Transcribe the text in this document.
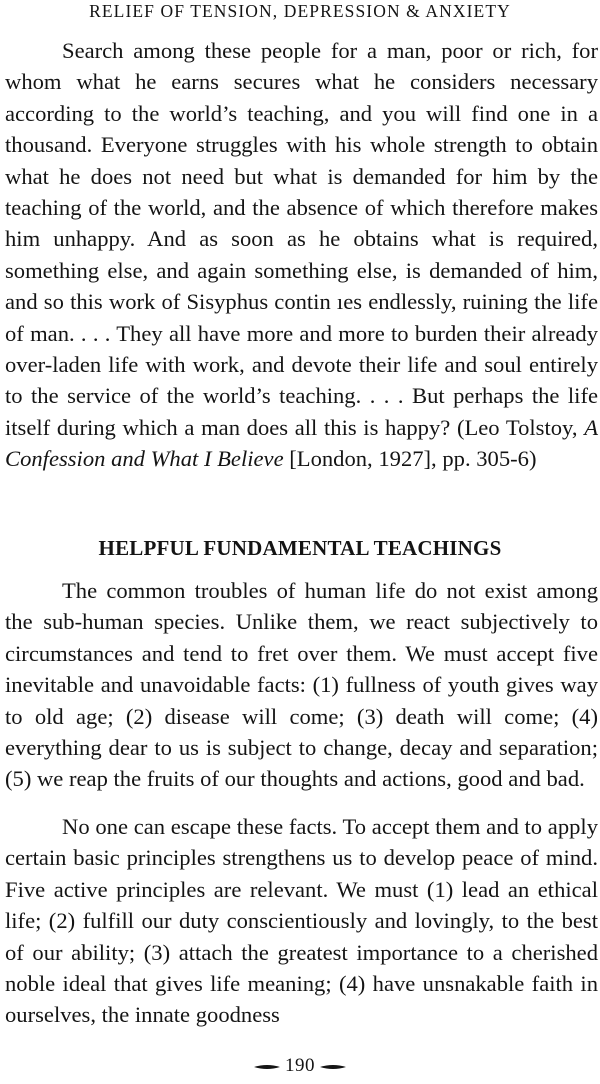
RELIEF OF TENSION, DEPRESSION & ANXIETY

Search among these people for a man, poor or rich, for whom what he earns secures what he considers necessary according to the world’s teaching, and you will find one in a thousand. Everyone struggles with his whole strength to obtain what he does not need but what is demanded for him by the teaching of the world, and the absence of which therefore makes him unhappy. And as soon as he obtains what is required, something else, and again something else, is demanded of him, and so this work of Sisyphus contin ıes endlessly, ruining the life of man. . . . They all have more and more to burden their already over-laden life with work, and devote their life and soul entirely to the service of the world’s teaching. . . . But perhaps the life itself during which a man does all this is happy? (Leo Tolstoy, A Confession and What I Believe [London, 1927], pp. 305-6)

HELPFUL FUNDAMENTAL TEACHINGS

The common troubles of human life do not exist among the sub-human species. Unlike them, we react subjectively to circumstances and tend to fret over them. We must accept five inevitable and unavoidable facts: (1) fullness of youth gives way to old age; (2) disease will come; (3) death will come; (4) everything dear to us is subject to change, decay and separation; (5) we reap the fruits of our thoughts and actions, good and bad.

No one can escape these facts. To accept them and to apply certain basic principles strengthens us to develop peace of mind. Five active principles are relevant. We must (1) lead an ethical life; (2) fulfill our duty conscientiously and lovingly, to the best of our ability; (3) attach the greatest importance to a cherished noble ideal that gives life meaning; (4) have unsnakable faith in ourselves, the innate goodness

190
